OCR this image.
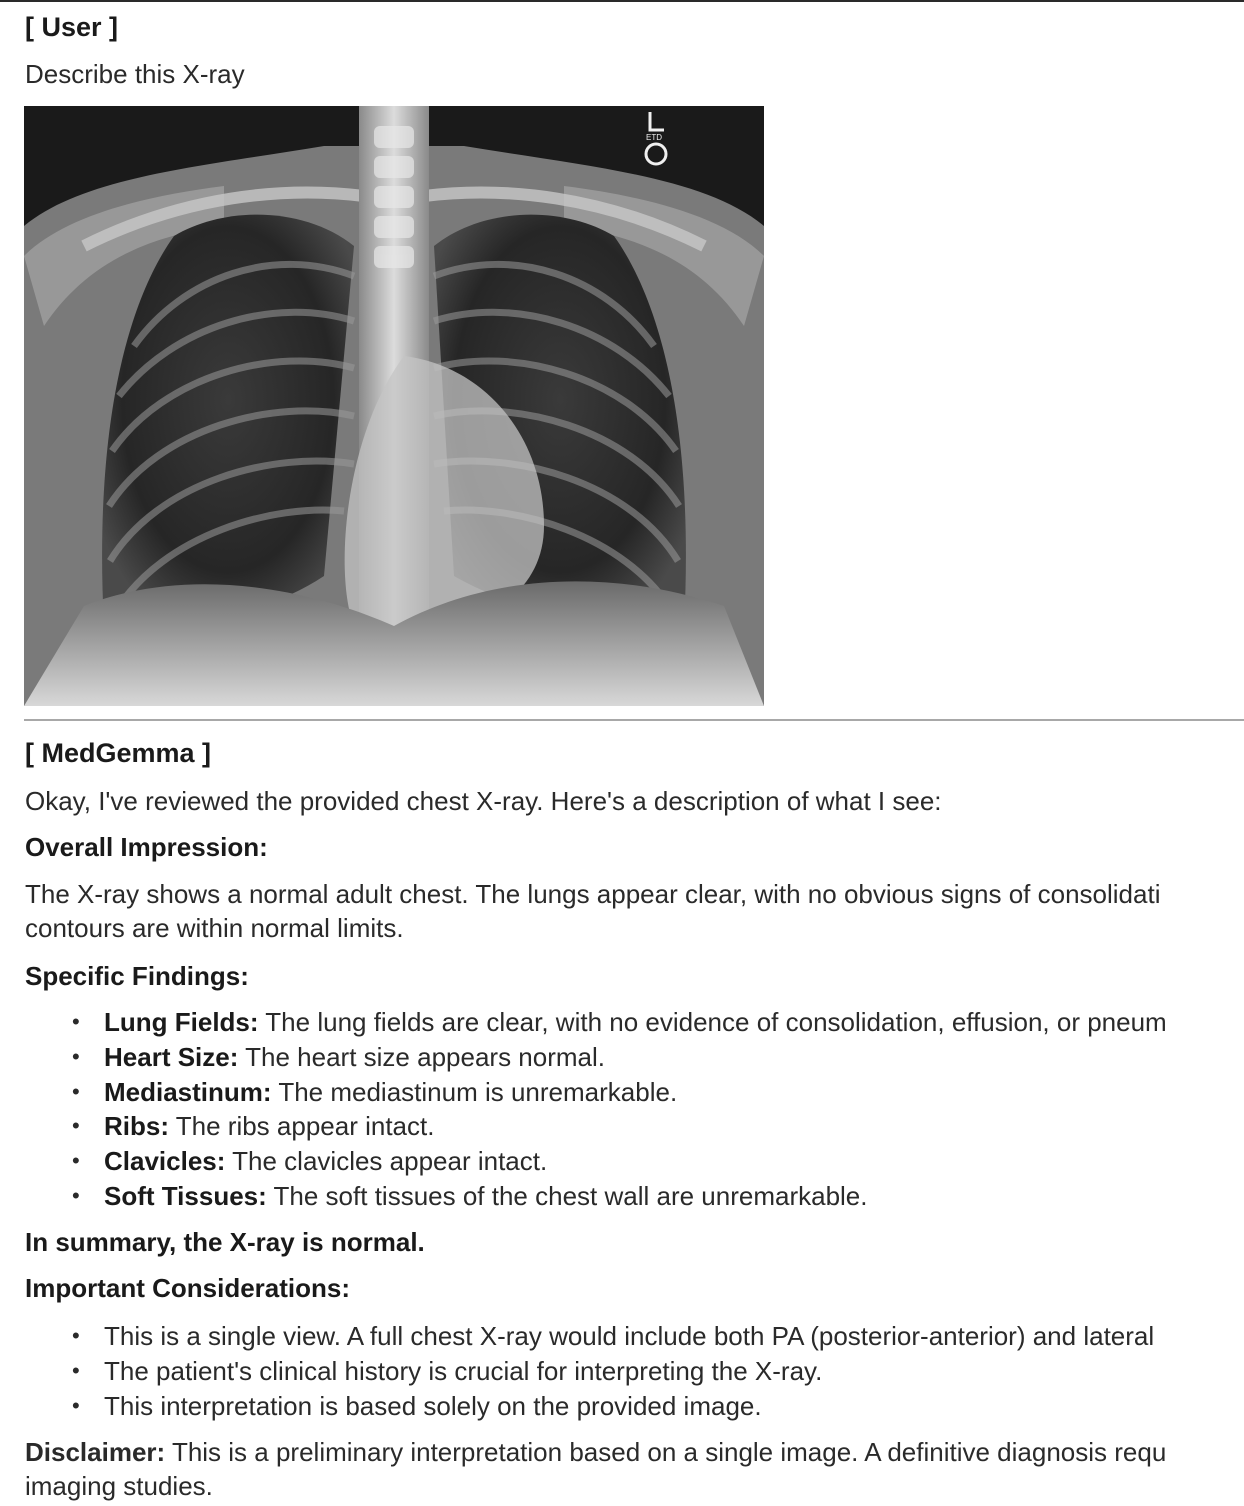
[ User ]
Describe this X-ray
ETD
[ MedGemma ]
Okay, I've reviewed the provided chest X-ray. Here's a description of what I see:
Overall Impression:
The X-ray shows a normal adult chest. The lungs appear clear, with no obvious signs of consolidati
contours are within normal limits.
Specific Findings:
• Lung Fields: The lung fields are clear, with no evidence of consolidation, effusion, or pneum
• Heart Size: The heart size appears normal.
• Mediastinum: The mediastinum is unremarkable.
• Ribs: The ribs appear intact.
• Clavicles: The clavicles appear intact.
• Soft Tissues: The soft tissues of the chest wall are unremarkable.
In summary, the X-ray is normal.
Important Considerations:
• This is a single view. A full chest X-ray would include both PA (posterior-anterior) and lateral
• The patient's clinical history is crucial for interpreting the X-ray.
• This interpretation is based solely on the provided image.
Disclaimer: This is a preliminary interpretation based on a single image. A definitive diagnosis requ
imaging studies.
